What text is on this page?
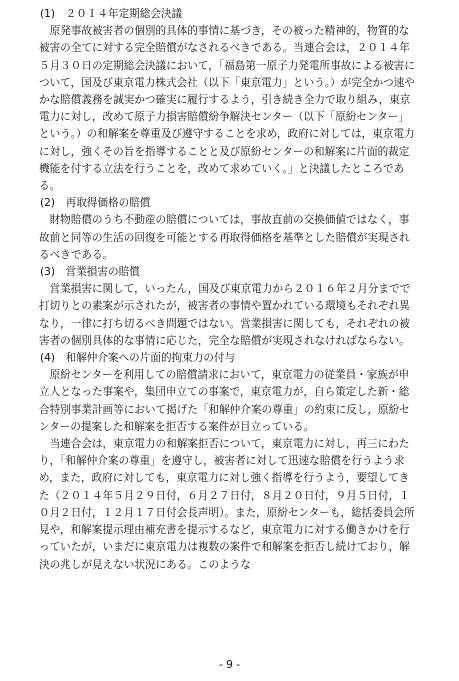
(1)　２０１４年定期総会決議

原発事故被害者の個別的具体的事情に基づき，その被った精神的，物質的な被害の全てに対する完全賠償がなされるべきである。当連合会は，２０１４年５月３０日の定期総会決議において，「福島第一原子力発電所事故による被害について，国及び東京電力株式会社（以下「東京電力」という。）が完全かつ速やかな賠償義務を誠実かつ確実に履行するよう，引き続き全力で取り組み，東京電力に対し，改めて原子力損害賠償紛争解決センター（以下「原紛センター」という。）の和解案を尊重及び遵守することを求め，政府に対しては，東京電力に対し，強くその旨を指導することと及び原紛センターの和解案に片面的裁定機能を付する立法を行うことを，改めて求めていく。」と決議したところである。

(2)　再取得価格の賠償

財物賠償のうち不動産の賠償については，事故直前の交換価値ではなく，事故前と同等の生活の回復を可能とする再取得価格を基準とした賠償が実現されるべきである。

(3)　営業損害の賠償

営業損害に関して，いったん，国及び東京電力から２０１６年２月分までで打切りとの素案が示されたが，被害者の事情や置かれている環境もそれぞれ異なり，一律に打ち切るべき問題ではない。営業損害に関しても，それぞれの被害者の個別具体的な事情に応じた，完全な賠償が実現されなければならない。

(4)　和解仲介案への片面的拘束力の付与

原紛センターを利用しての賠償請求において，東京電力の従業員・家族が申立人となった事案や，集団申立ての事案で，東京電力が，自ら策定した新・総合特別事業計画等において掲げた「和解仲介案の尊重」の約束に反し，原紛センターの提案した和解案を拒否する案件が目立っている。

当連合会は，東京電力の和解案拒否について，東京電力に対し，再三にわたり，「和解仲介案の尊重」を遵守し，被害者に対して迅速な賠償を行うよう求め，また，政府に対しても，東京電力に対し強く指導を行うよう，要望してきた（２０１４年５月２９日付，６月２７日付，８月２０日付，９月５日付，１０月２日付，１２月１７日付会長声明）。また，原紛センターも，総括委員会所見や，和解案提示理由補充書を提示するなど，東京電力に対する働きかけを行っていたが，いまだに東京電力は複数の案件で和解案を拒否し続けており，解決の兆しが見えない状況にある。このような

- 9 -
